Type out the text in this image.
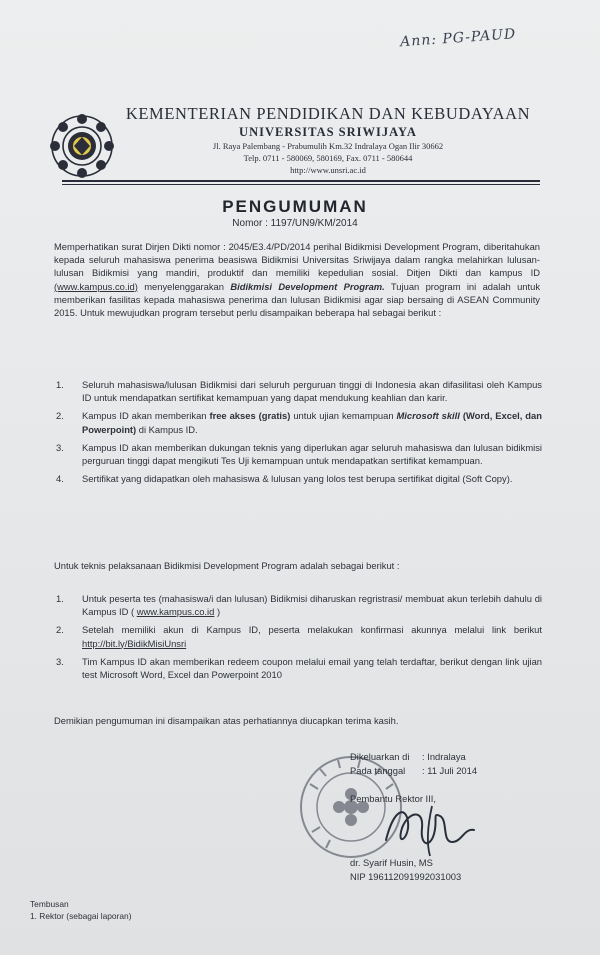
Ann: PG-PAUD
KEMENTERIAN PENDIDIKAN DAN KEBUDAYAAN
UNIVERSITAS SRIWIJAYA
Jl. Raya Palembang - Prabumulih Km.32 Indralaya Ogan Ilir 30662
Telp. 0711 - 580069, 580169, Fax. 0711 - 580644
http://www.unsri.ac.id
PENGUMUMAN
Nomor : 1197/UN9/KM/2014
Memperhatikan surat Dirjen Dikti nomor : 2045/E3.4/PD/2014 perihal Bidikmisi Development Program, diberitahukan kepada seluruh mahasiswa penerima beasiswa Bidikmisi Universitas Sriwijaya dalam rangka melahirkan lulusan-lulusan Bidikmisi yang mandiri, produktif dan memiliki kepedulian sosial. Ditjen Dikti dan kampus ID (www.kampus.co.id) menyelenggarakan Bidikmisi Development Program. Tujuan program ini adalah untuk memberikan fasilitas kepada mahasiswa penerima dan lulusan Bidikmisi agar siap bersaing di ASEAN Community 2015. Untuk mewujudkan program tersebut perlu disampaikan beberapa hal sebagai berikut :
1. Seluruh mahasiswa/lulusan Bidikmisi dari seluruh perguruan tinggi di Indonesia akan difasilitasi oleh Kampus ID untuk mendapatkan sertifikat kemampuan yang dapat mendukung keahlian dan karir.
2. Kampus ID akan memberikan free akses (gratis) untuk ujian kemampuan Microsoft skill (Word, Excel, dan Powerpoint) di Kampus ID.
3. Kampus ID akan memberikan dukungan teknis yang diperlukan agar seluruh mahasiswa dan lulusan bidikmisi perguruan tinggi dapat mengikuti Tes Uji kemampuan untuk mendapatkan sertifikat kemampuan.
4. Sertifikat yang didapatkan oleh mahasiswa & lulusan yang lolos test berupa sertifikat digital (Soft Copy).
Untuk teknis pelaksanaan Bidikmisi Development Program adalah sebagai berikut :
1. Untuk peserta tes (mahasiswa/i dan lulusan) Bidikmisi diharuskan regristrasi/ membuat akun terlebih dahulu di Kampus ID ( www.kampus.co.id )
2. Setelah memiliki akun di Kampus ID, peserta melakukan konfirmasi akunnya melalui link berikut http://bit.ly/BidikMisiUnsri
3. Tim Kampus ID akan memberikan redeem coupon melalui email yang telah terdaftar, berikut dengan link ujian test Microsoft Word, Excel dan Powerpoint 2010
Demikian pengumuman ini disampaikan atas perhatiannya diucapkan terima kasih.
Dikeluarkan di	: Indralaya
Pada tanggal	: 11 Juli 2014
Pembantu Rektor III,
dr. Syarif Husin, MS
NIP 196112091992031003
Tembusan
1. Rektor (sebagai laporan)
